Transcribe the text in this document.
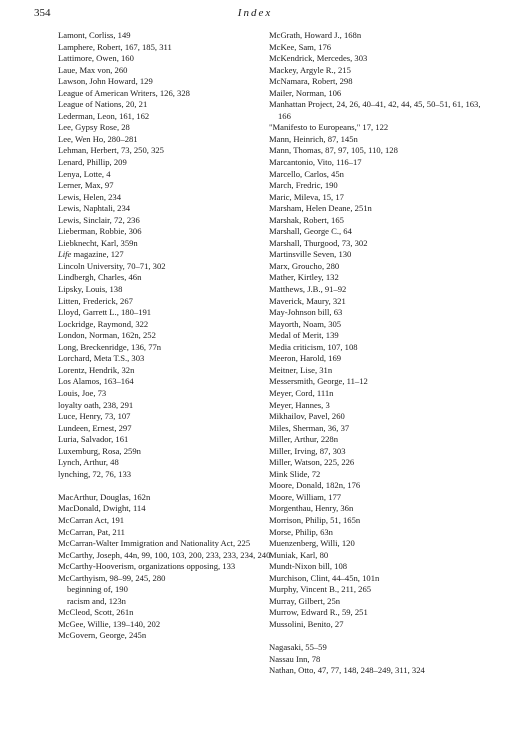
354	Index
Lamont, Corliss, 149
Lamphere, Robert, 167, 185, 311
Lattimore, Owen, 160
Laue, Max von, 260
Lawson, John Howard, 129
League of American Writers, 126, 328
League of Nations, 20, 21
Lederman, Leon, 161, 162
Lee, Gypsy Rose, 28
Lee, Wen Ho, 280–281
Lehman, Herbert, 73, 250, 325
Lenard, Phillip, 209
Lenya, Lotte, 4
Lerner, Max, 97
Lewis, Helen, 234
Lewis, Naphtali, 234
Lewis, Sinclair, 72, 236
Lieberman, Robbie, 306
Liebknecht, Karl, 359n
Life magazine, 127
Lincoln University, 70–71, 302
Lindbergh, Charles, 46n
Lipsky, Louis, 138
Litten, Frederick, 267
Lloyd, Garrett L., 180–191
Lockridge, Raymond, 322
London, Norman, 162n, 252
Long, Breckenridge, 136, 77n
Lorchard, Meta T.S., 303
Lorentz, Hendrik, 32n
Los Alamos, 163–164
Louis, Joe, 73
loyalty oath, 238, 291
Luce, Henry, 73, 107
Lundeen, Ernest, 297
Luria, Salvador, 161
Luxemburg, Rosa, 259n
Lynch, Arthur, 48
lynching, 72, 76, 133
MacArthur, Douglas, 162n
MacDonald, Dwight, 114
McCarran Act, 191
McCarran, Pat, 211
McCarran-Walter Immigration and Nationality Act, 225
McCarthy, Joseph, 44n, 99, 100, 103, 200, 233, 233, 234, 240
McCarthy-Hooverism, organizations opposing, 133
McCarthyism, 98–99, 245, 280
beginning of, 190
racism and, 123n
McCleod, Scott, 261n
McGee, Willie, 139–140, 202
McGovern, George, 245n
McGrath, Howard J., 168n
McKee, Sam, 176
McKendrick, Mercedes, 303
Mackey, Argyle R., 215
McNamara, Robert, 298
Mailer, Norman, 106
Manhattan Project, 24, 26, 40–41, 42, 44, 45, 50–51, 61, 163, 166
"Manifesto to Europeans," 17, 122
Mann, Heinrich, 87, 145n
Mann, Thomas, 87, 97, 105, 110, 128
Marcantonio, Vito, 116–17
Marcello, Carlos, 45n
March, Fredric, 190
Maric, Mileva, 15, 17
Marsham, Helen Deane, 251n
Marshak, Robert, 165
Marshall, George C., 64
Marshall, Thurgood, 73, 302
Martinsville Seven, 130
Marx, Groucho, 280
Mather, Kirtley, 132
Matthews, J.B., 91–92
Maverick, Maury, 321
May-Johnson bill, 63
Mayorth, Noam, 305
Medal of Merit, 139
Media criticism, 107, 108
Meeron, Harold, 169
Meitner, Lise, 31n
Messersmith, George, 11–12
Meyer, Cord, 111n
Meyer, Hannes, 3
Mikhailov, Pavel, 260
Miles, Sherman, 36, 37
Miller, Arthur, 228n
Miller, Irving, 87, 303
Miller, Watson, 225, 226
Mink Slide, 72
Moore, Donald, 182n, 176
Moore, William, 177
Morgenthau, Henry, 36n
Morrison, Philip, 51, 165n
Morse, Philip, 63n
Muenzenberg, Willi, 120
Muniak, Karl, 80
Mundt-Nixon bill, 108
Murchison, Clint, 44–45n, 101n
Murphy, Vincent B., 211, 265
Murray, Gilbert, 25n
Murrow, Edward R., 59, 251
Mussolini, Benito, 27
Nagasaki, 55–59
Nassau Inn, 78
Nathan, Otto, 47, 77, 148, 248–249, 311, 324
